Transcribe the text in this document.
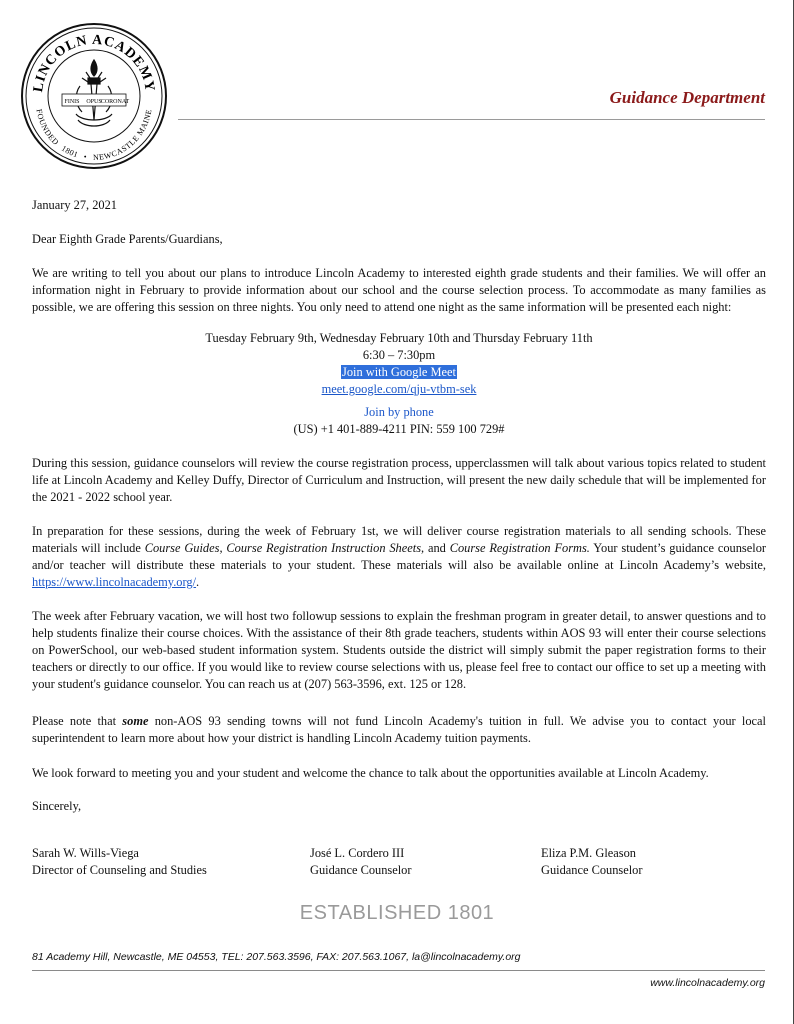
LINCOLN ACADEMY
FOUNDED 1801 • NEWCASTLE MAINE
FINIS OPUS CORONAT	Guidance Department
January 27, 2021
Dear Eighth Grade Parents/Guardians,

We are writing to tell you about our plans to introduce Lincoln Academy to interested eighth grade students and their families. We will offer an information night in February to provide information about our school and the course selection process. To accommodate as many families as possible, we are offering this session on three nights. You only need to attend one night as the same information will be presented each night:

Tuesday February 9th, Wednesday February 10th and Thursday February 11th
6:30 – 7:30pm
Join with Google Meet
meet.google.com/qju-vtbm-sek
Join by phone
(US) +1 401-889-4211 PIN: 559 100 729#

During this session, guidance counselors will review the course registration process, upperclassmen will talk about various topics related to student life at Lincoln Academy and Kelley Duffy, Director of Curriculum and Instruction, will present the new daily schedule that will be implemented for the 2021 - 2022 school year.

In preparation for these sessions, during the week of February 1st, we will deliver course registration materials to all sending schools. These materials will include Course Guides, Course Registration Instruction Sheets, and Course Registration Forms. Your student’s guidance counselor and/or teacher will distribute these materials to your student. These materials will also be available online at Lincoln Academy’s website, https://www.lincolnacademy.org/.

The week after February vacation, we will host two followup sessions to explain the freshman program in greater detail, to answer questions and to help students finalize their course choices. With the assistance of their 8th grade teachers, students within AOS 93 will enter their course selections on PowerSchool, our web-based student information system. Students outside the district will simply submit the paper registration forms to their teachers or directly to our office. If you would like to review course selections with us, please feel free to contact our office to set up a meeting with your student's guidance counselor. You can reach us at (207) 563-3596, ext. 125 or 128.

Please note that some non-AOS 93 sending towns will not fund Lincoln Academy's tuition in full. We advise you to contact your local superintendent to learn more about how your district is handling Lincoln Academy tuition payments.

We look forward to meeting you and your student and welcome the chance to talk about the opportunities available at Lincoln Academy.

Sincerely,
Sarah W. Wills-Viega
Director of Counseling and Studies
José L. Cordero III
Guidance Counselor
Eliza P.M. Gleason
Guidance Counselor
ESTABLISHED 1801
81 Academy Hill, Newcastle, ME 04553, TEL: 207.563.3596, FAX: 207.563.1067, la@lincolnacademy.org
www.lincolnacademy.org
